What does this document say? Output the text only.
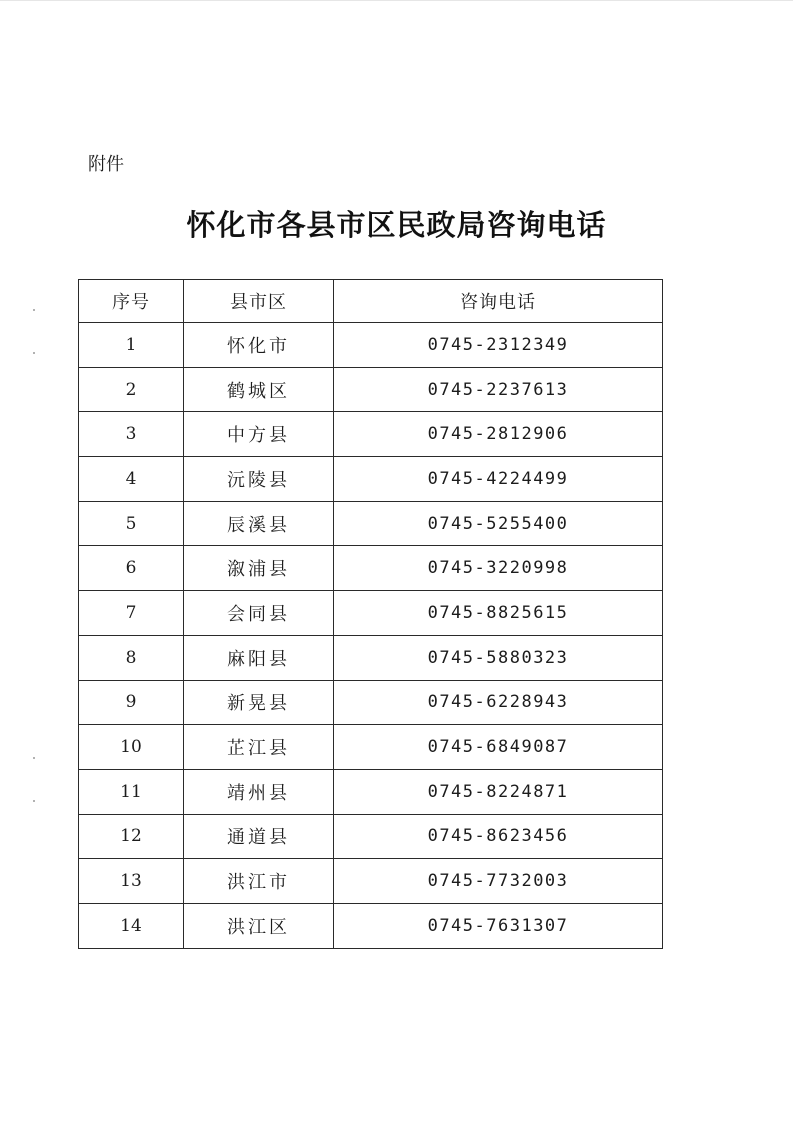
附件
怀化市各县市区民政局咨询电话
序号	县市区	咨询电话
1	怀化市	0745-2312349
2	鹤城区	0745-2237613
3	中方县	0745-2812906
4	沅陵县	0745-4224499
5	辰溪县	0745-5255400
6	溆浦县	0745-3220998
7	会同县	0745-8825615
8	麻阳县	0745-5880323
9	新晃县	0745-6228943
10	芷江县	0745-6849087
11	靖州县	0745-8224871
12	通道县	0745-8623456
13	洪江市	0745-7732003
14	洪江区	0745-7631307
